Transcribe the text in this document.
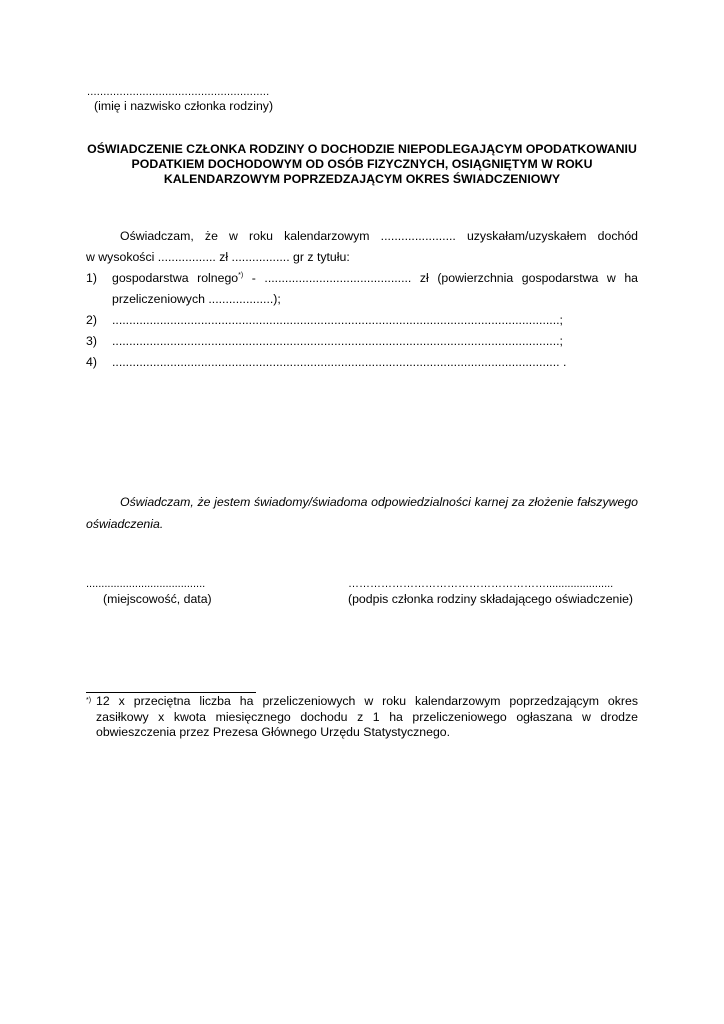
........................................................
(imię i nazwisko członka rodziny)
OŚWIADCZENIE CZŁONKA RODZINY O DOCHODZIE NIEPODLEGAJĄCYM OPODATKOWANIU
PODATKIEM DOCHODOWYM OD OSÓB FIZYCZNYCH, OSIĄGNIĘTYM W ROKU
KALENDARZOWYM POPRZEDZAJĄCYM OKRES ŚWIADCZENIOWY
Oświadczam, że w roku kalendarzowym ...................... uzyskałam/uzyskałem dochód
w wysokości ................. zł ................. gr z tytułu:
1) gospodarstwa rolnego*) - ........................................... zł (powierzchnia gospodarstwa w ha
przeliczeniowych ...................);
2) ...................................................................................................................................;
3) ...................................................................................................................................;
4) ................................................................................................................................... .
Oświadczam, że jestem świadomy/świadoma odpowiedzialności karnej za złożenie fałszywego oświadczenia.
.......................................
(miejscowość, data)
………………………………………………......................
(podpis członka rodziny składającego oświadczenie)
*) 12 x przeciętna liczba ha przeliczeniowych w roku kalendarzowym poprzedzającym okres zasiłkowy x kwota miesięcznego dochodu z 1 ha przeliczeniowego ogłaszana w drodze obwieszczenia przez Prezesa Głównego Urzędu Statystycznego.
